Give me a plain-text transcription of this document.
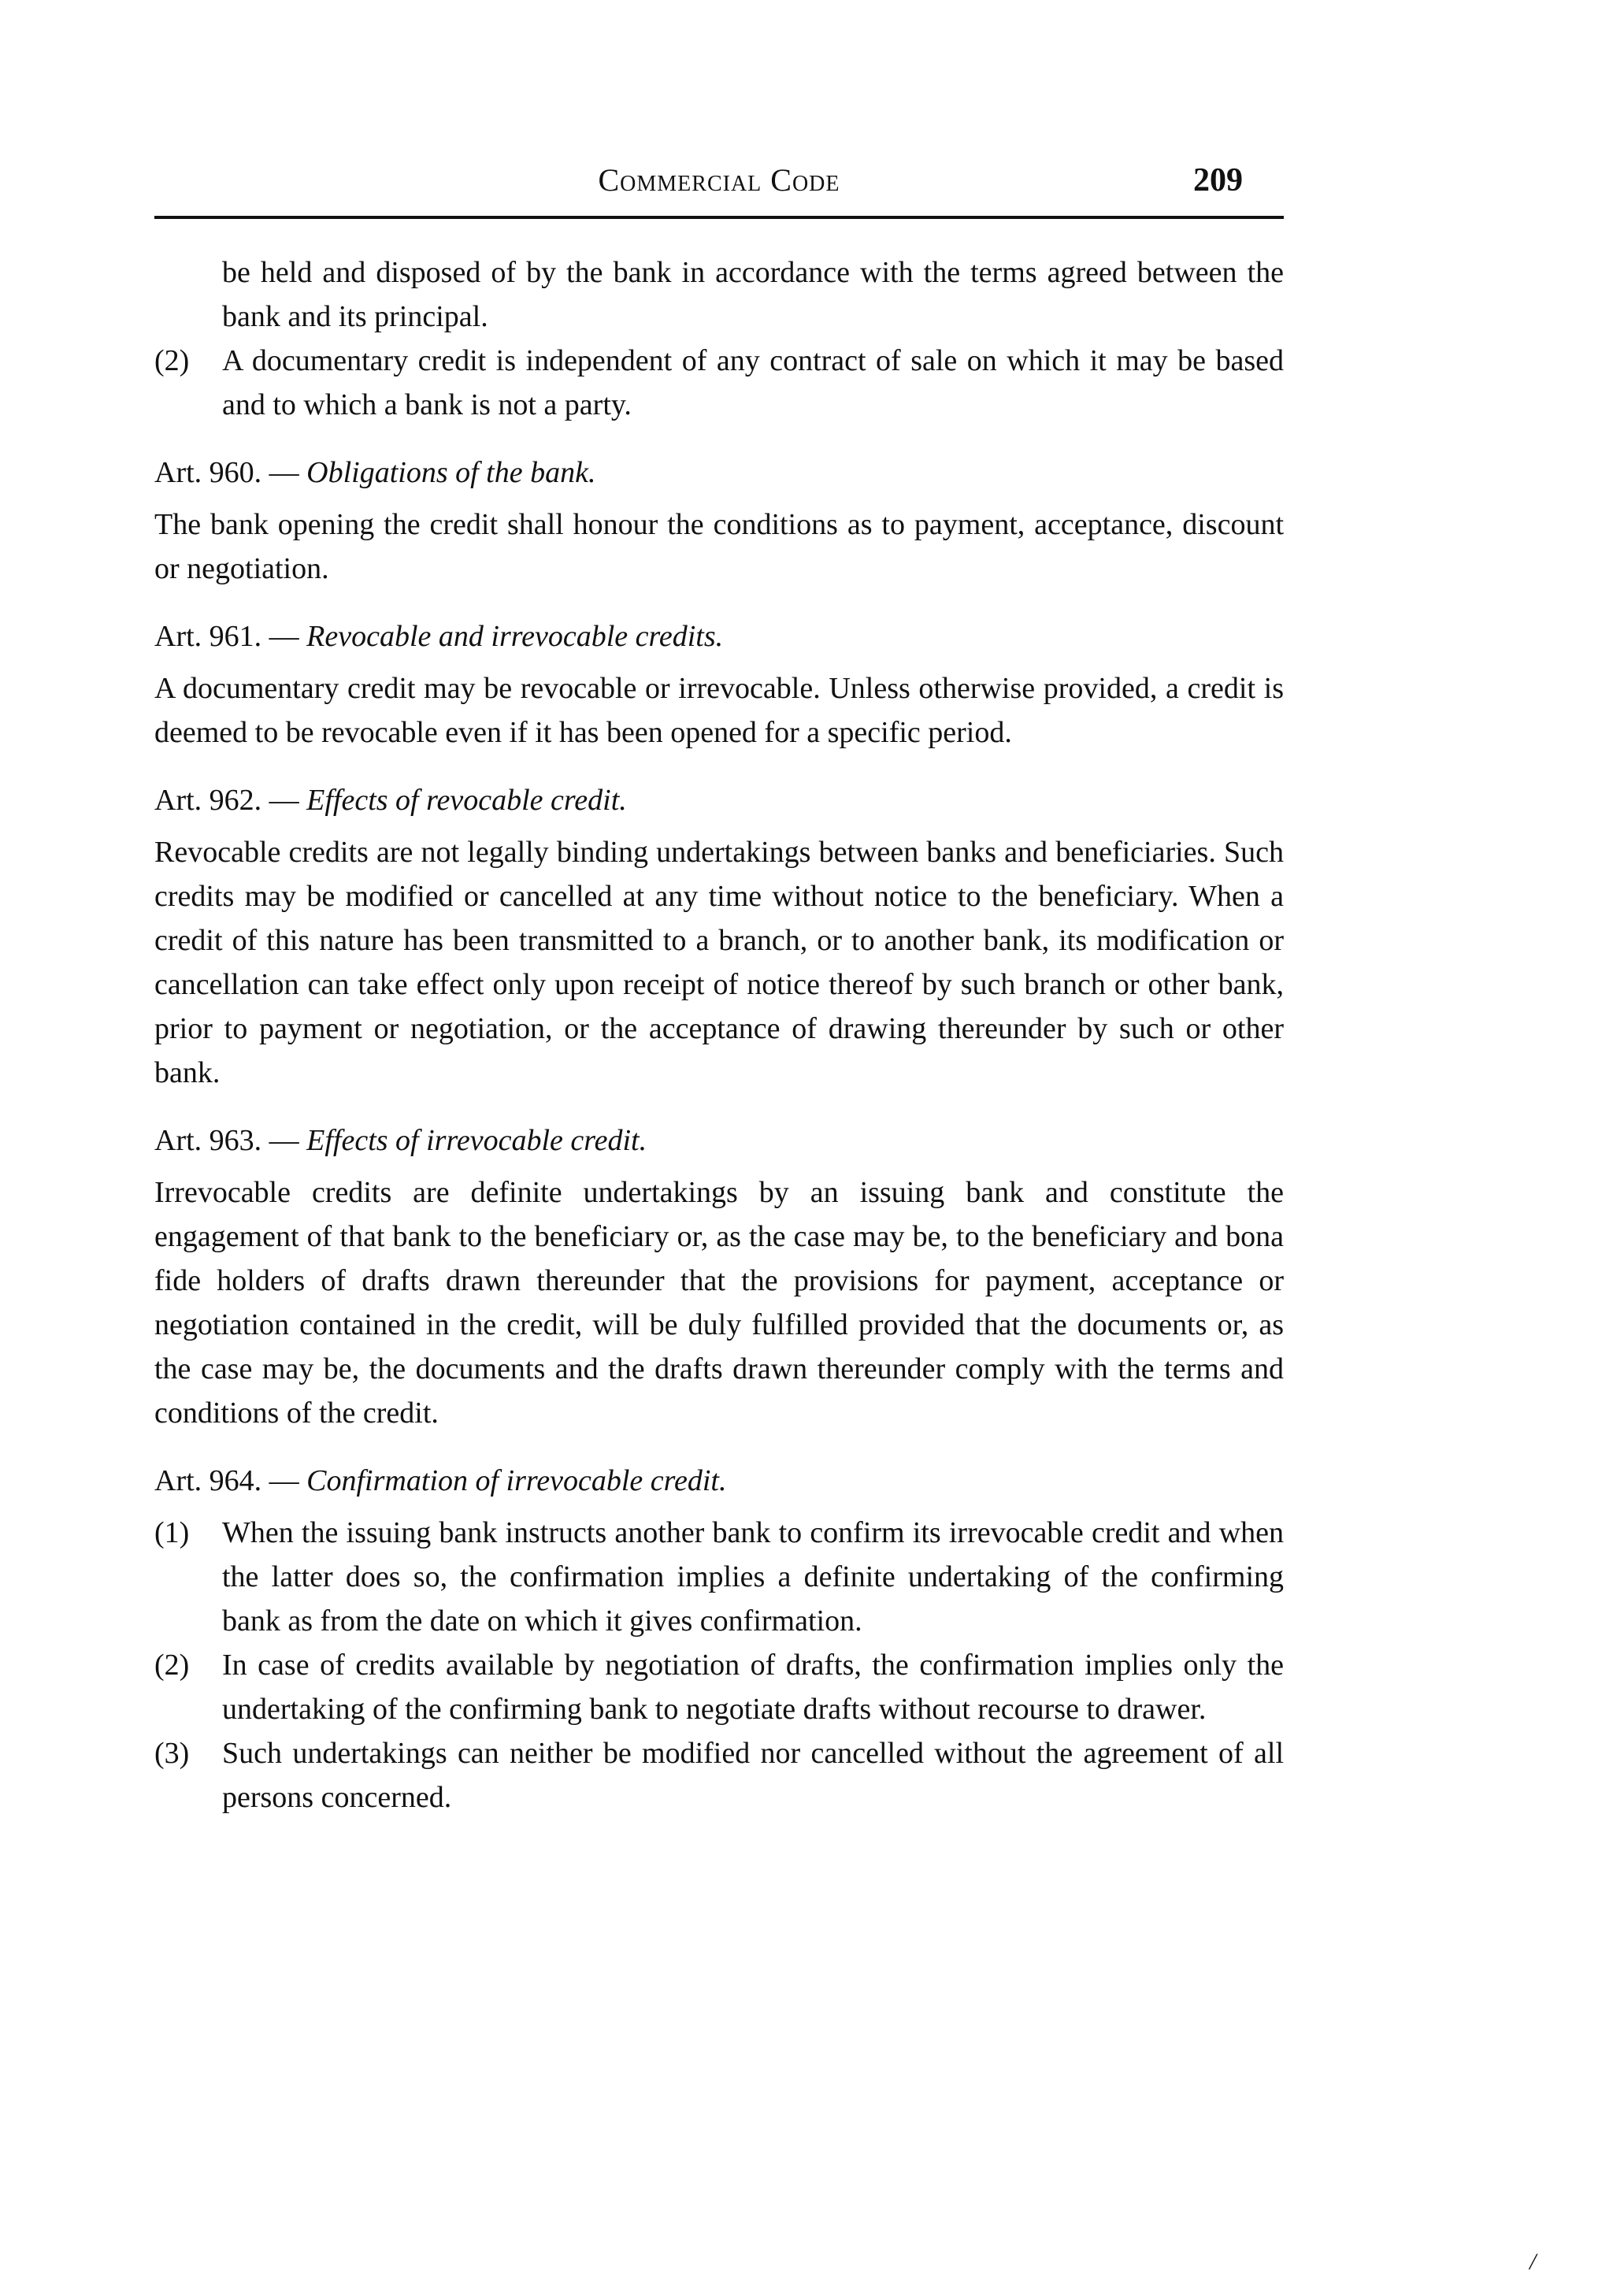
Commercial Code	209

be held and disposed of by the bank in accordance with the terms agreed between the bank and its principal.

(2)	A documentary credit is independent of any contract of sale on which it may be based and to which a bank is not a party.

Art. 960. — Obligations of the bank.

The bank opening the credit shall honour the conditions as to payment, acceptance, discount or negotiation.

Art. 961. — Revocable and irrevocable credits.

A documentary credit may be revocable or irrevocable. Unless otherwise provided, a credit is deemed to be revocable even if it has been opened for a specific period.

Art. 962. — Effects of revocable credit.

Revocable credits are not legally binding undertakings between banks and beneficiaries. Such credits may be modified or cancelled at any time without notice to the beneficiary. When a credit of this nature has been transmitted to a branch, or to another bank, its modification or cancellation can take effect only upon receipt of notice thereof by such branch or other bank, prior to payment or negotiation, or the acceptance of drawing thereunder by such or other bank.

Art. 963. — Effects of irrevocable credit.

Irrevocable credits are definite undertakings by an issuing bank and constitute the engagement of that bank to the beneficiary or, as the case may be, to the beneficiary and bona fide holders of drafts drawn thereunder that the provisions for payment, acceptance or negotiation contained in the credit, will be duly fulfilled provided that the documents or, as the case may be, the documents and the drafts drawn thereunder comply with the terms and conditions of the credit.

Art. 964. — Confirmation of irrevocable credit.

(1)	When the issuing bank instructs another bank to confirm its irrevocable credit and when the latter does so, the confirmation implies a definite undertaking of the confirming bank as from the date on which it gives confirmation.

(2)	In case of credits available by negotiation of drafts, the confirmation implies only the undertaking of the confirming bank to negotiate drafts without recourse to drawer.

(3)	Such undertakings can neither be modified nor cancelled without the agreement of all persons concerned.

/
